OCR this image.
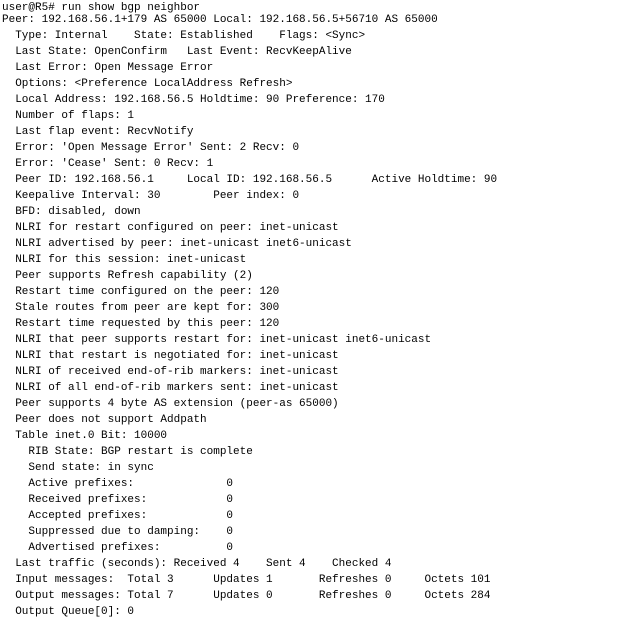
user@R5# run show bgp neighbor
Peer: 192.168.56.1+179 AS 65000 Local: 192.168.56.5+56710 AS 65000
Type: Internal    State: Established    Flags: <Sync>
Last State: OpenConfirm   Last Event: RecvKeepAlive
Last Error: Open Message Error
Options: <Preference LocalAddress Refresh>
Local Address: 192.168.56.5 Holdtime: 90 Preference: 170
Number of flaps: 1
Last flap event: RecvNotify
Error: 'Open Message Error' Sent: 2 Recv: 0
Error: 'Cease' Sent: 0 Recv: 1
Peer ID: 192.168.56.1     Local ID: 192.168.56.5      Active Holdtime: 90
Keepalive Interval: 30        Peer index: 0
BFD: disabled, down
NLRI for restart configured on peer: inet-unicast
NLRI advertised by peer: inet-unicast inet6-unicast
NLRI for this session: inet-unicast
Peer supports Refresh capability (2)
Restart time configured on the peer: 120
Stale routes from peer are kept for: 300
Restart time requested by this peer: 120
NLRI that peer supports restart for: inet-unicast inet6-unicast
NLRI that restart is negotiated for: inet-unicast
NLRI of received end-of-rib markers: inet-unicast
NLRI of all end-of-rib markers sent: inet-unicast
Peer supports 4 byte AS extension (peer-as 65000)
Peer does not support Addpath
Table inet.0 Bit: 10000
RIB State: BGP restart is complete
Send state: in sync
Active prefixes:              0
Received prefixes:            0
Accepted prefixes:            0
Suppressed due to damping:    0
Advertised prefixes:          0
Last traffic (seconds): Received 4    Sent 4    Checked 4
Input messages:  Total 3      Updates 1       Refreshes 0     Octets 101
Output messages: Total 7      Updates 0       Refreshes 0     Octets 284
Output Queue[0]: 0
